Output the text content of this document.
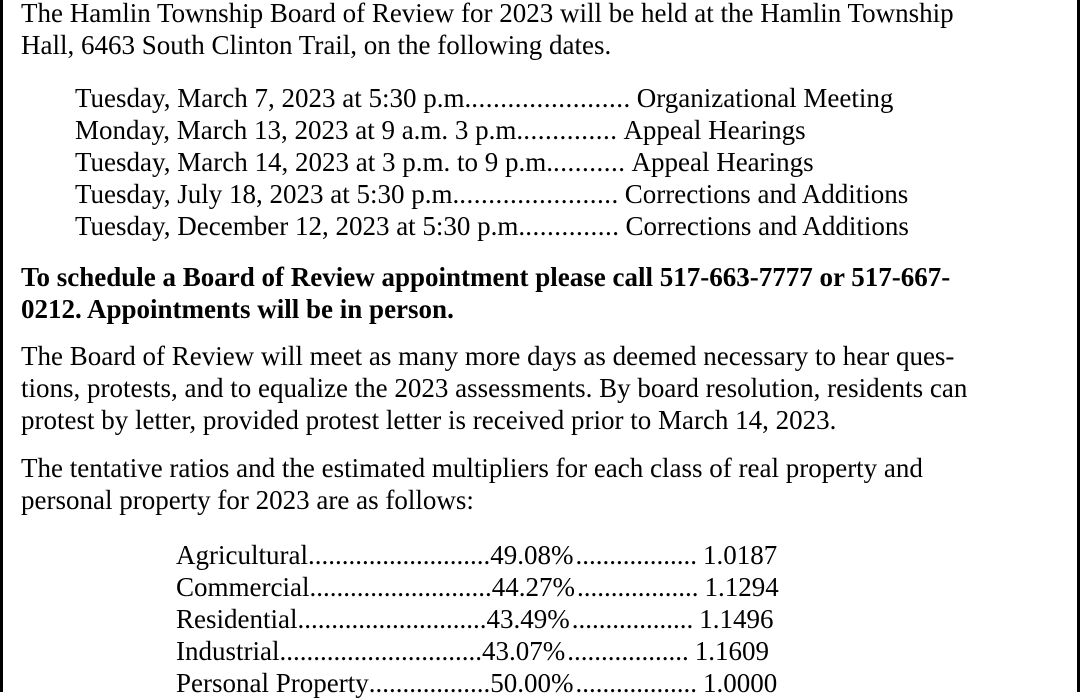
The Hamlin Township Board of Review for 2023 will be held at the Hamlin Township
Hall, 6463 South Clinton Trail, on the following dates.

Tuesday, March 7, 2023 at 5:30 p.m. ...................... Organizational Meeting
Monday, March 13, 2023 at 9 a.m. 3 p.m. ............. Appeal Hearings
Tuesday, March 14, 2023 at 3 p.m. to 9 p.m. .......... Appeal Hearings
Tuesday, July 18, 2023 at 5:30 p.m. ...................... Corrections and Additions
Tuesday, December 12, 2023 at 5:30 p.m. ............. Corrections and Additions

To schedule a Board of Review appointment please call 517-663-7777 or 517-667-
0212. Appointments will be in person.

The Board of Review will meet as many more days as deemed necessary to hear ques-
tions, protests, and to equalize the 2023 assessments. By board resolution, residents can
protest by letter, provided protest letter is received prior to March 14, 2023.

The tentative ratios and the estimated multipliers for each class of real property and
personal property for 2023 are as follows:

Agricultural ........................... 49.08% .................. 1.0187
Commercial ........................... 44.27% .................. 1.1294
Residential ............................ 43.49% .................. 1.1496
Industrial .............................. 43.07% .................. 1.1609
Personal Property .................. 50.00% .................. 1.0000
